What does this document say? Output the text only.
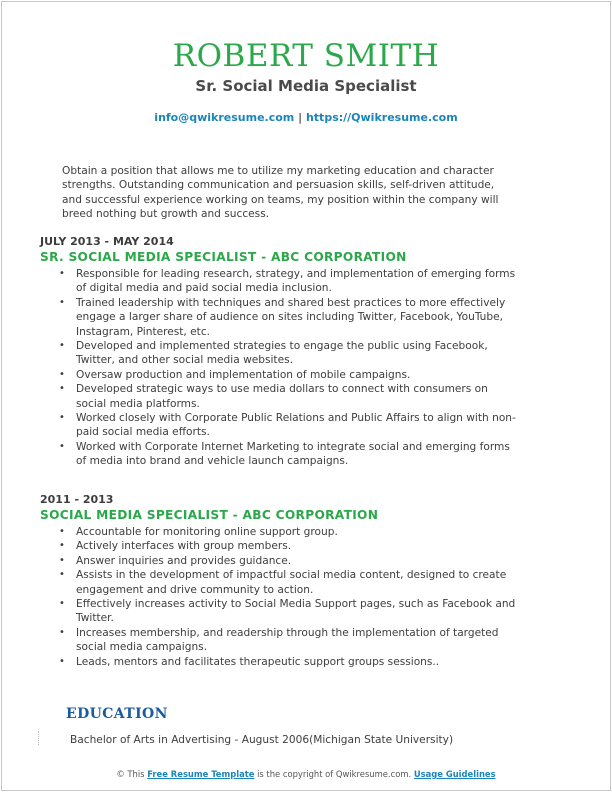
ROBERT SMITH
Sr. Social Media Specialist
info@qwikresume.com | https://Qwikresume.com
Obtain a position that allows me to utilize my marketing education and character
strengths. Outstanding communication and persuasion skills, self-driven attitude,
and successful experience working on teams, my position within the company will
breed nothing but growth and success.
JULY 2013 - MAY 2014
SR. SOCIAL MEDIA SPECIALIST - ABC CORPORATION
• Responsible for leading research, strategy, and implementation of emerging forms of digital media and paid social media inclusion.
• Trained leadership with techniques and shared best practices to more effectively engage a larger share of audience on sites including Twitter, Facebook, YouTube, Instagram, Pinterest, etc.
• Developed and implemented strategies to engage the public using Facebook, Twitter, and other social media websites.
• Oversaw production and implementation of mobile campaigns.
• Developed strategic ways to use media dollars to connect with consumers on social media platforms.
• Worked closely with Corporate Public Relations and Public Affairs to align with non-paid social media efforts.
• Worked with Corporate Internet Marketing to integrate social and emerging forms of media into brand and vehicle launch campaigns.
2011 - 2013
SOCIAL MEDIA SPECIALIST - ABC CORPORATION
• Accountable for monitoring online support group.
• Actively interfaces with group members.
• Answer inquiries and provides guidance.
• Assists in the development of impactful social media content, designed to create engagement and drive community to action.
• Effectively increases activity to Social Media Support pages, such as Facebook and Twitter.
• Increases membership, and readership through the implementation of targeted social media campaigns.
• Leads, mentors and facilitates therapeutic support groups sessions..
EDUCATION
Bachelor of Arts in Advertising - August 2006(Michigan State University)
© This Free Resume Template is the copyright of Qwikresume.com. Usage Guidelines
